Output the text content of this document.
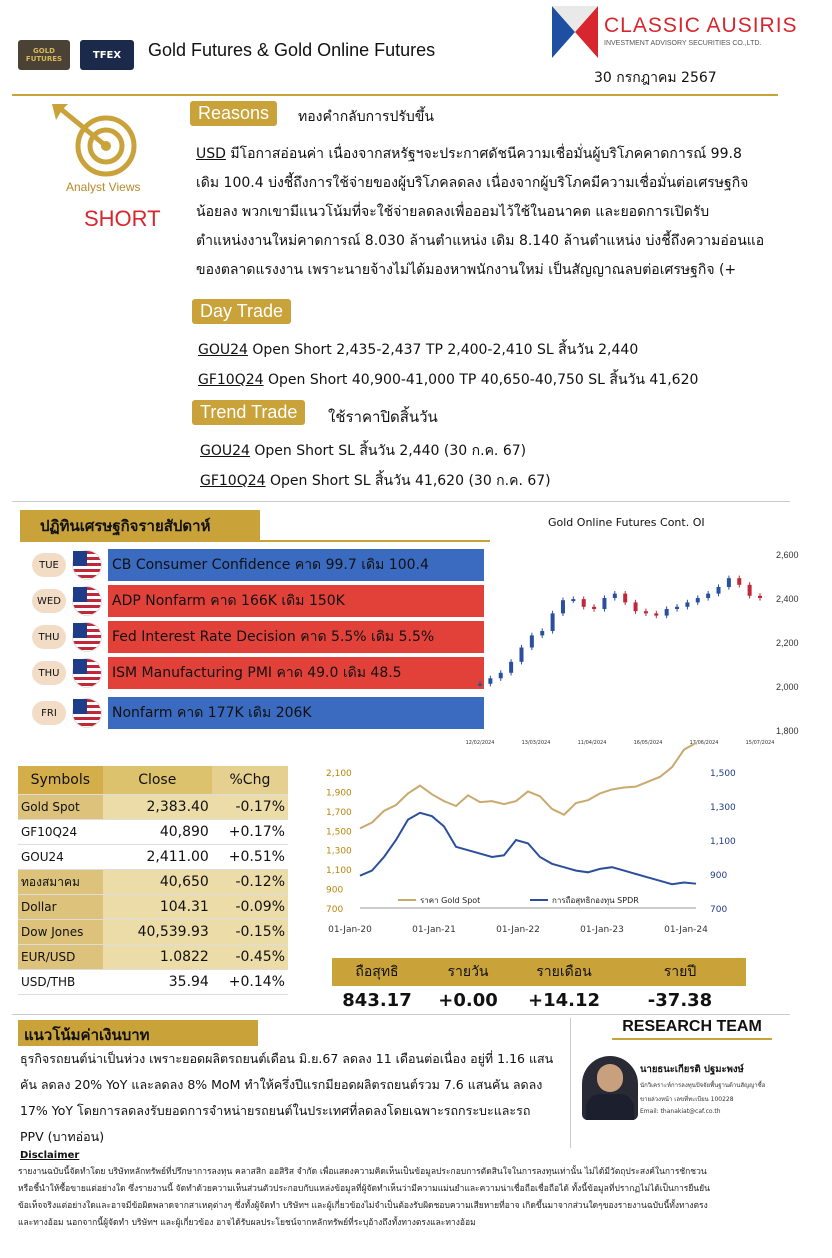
GOLD FUTURES	TFEX	Gold Futures & Gold Online Futures
CLASSIC AUSIRIS
INVESTMENT ADVISORY SECURITIES CO.,LTD.
30 กรกฎาคม 2567
Analyst Views
SHORT
Reasons	ทองคำกลับการปรับขึ้น
USD มีโอกาสอ่อนค่า เนื่องจากสหรัฐฯจะประกาศดัชนีความเชื่อมั่นผู้บริโภคคาดการณ์ 99.8
เดิม 100.4 บ่งชี้ถึงการใช้จ่ายของผู้บริโภคลดลง เนื่องจากผู้บริโภคมีความเชื่อมั่นต่อเศรษฐกิจ
น้อยลง พวกเขามีแนวโน้มที่จะใช้จ่ายลดลงเพื่อออมไว้ใช้ในอนาคต และยอดการเปิดรับ
ตำแหน่งงานใหม่คาดการณ์ 8.030 ล้านตำแหน่ง เดิม 8.140 ล้านตำแหน่ง บ่งชี้ถึงความอ่อนแอ
ของตลาดแรงงาน เพราะนายจ้างไม่ได้มองหาพนักงานใหม่ เป็นสัญญาณลบต่อเศรษฐกิจ (+
Day Trade
GOU24 Open Short 2,435-2,437 TP 2,400-2,410 SL สิ้นวัน 2,440
GF10Q24 Open Short 40,900-41,000 TP 40,650-40,750 SL สิ้นวัน 41,620
Trend Trade	ใช้ราคาปิดสิ้นวัน
GOU24 Open Short SL สิ้นวัน 2,440 (30 ก.ค. 67)
GF10Q24 Open Short SL สิ้นวัน 41,620 (30 ก.ค. 67)
ปฏิทินเศรษฐกิจรายสัปดาห์
TUE	CB Consumer Confidence คาด 99.7 เดิม 100.4
WED	ADP Nonfarm คาด 166K เดิม 150K
THU	Fed Interest Rate Decision คาด 5.5% เดิม 5.5%
THU	ISM Manufacturing PMI คาด 49.0 เดิม 48.5
FRI	Nonfarm คาด 177K เดิม 206K
Gold Online Futures Cont. OI
2,600
2,400
2,200
2,000
1,800
12/02/2024	13/03/2024	11/04/2024	16/05/2024	17/06/2024	15/07/2024
Symbols	Close	%Chg
Gold Spot	2,383.40	-0.17%
GF10Q24	40,890	+0.17%
GOU24	2,411.00	+0.51%
ทองสมาคม	40,650	-0.12%
Dollar	104.31	-0.09%
Dow Jones	40,539.93	-0.15%
EUR/USD	1.0822	-0.45%
USD/THB	35.94	+0.14%
2,100
1,900
1,700
1,500
1,300
1,100
900
700
1,500
1,300
1,100
900
700
ราคา Gold Spot	การถือสุทธิกองทุน SPDR
01-Jan-20	01-Jan-21	01-Jan-22	01-Jan-23	01-Jan-24
ถือสุทธิ	รายวัน	รายเดือน	รายปี
843.17	+0.00	+14.12	-37.38
แนวโน้มค่าเงินบาท
ธุรกิจรถยนต์น่าเป็นห่วง เพราะยอดผลิตรถยนต์เดือน มิ.ย.67 ลดลง 11 เดือนต่อเนื่อง อยู่ที่ 1.16 แสน
คัน ลดลง 20% YoY และลดลง 8% MoM ทำให้ครึ่งปีแรกมียอดผลิตรถยนต์รวม 7.6 แสนคัน ลดลง
17% YoY โดยการลดลงรับยอดการจำหน่ายรถยนต์ในประเทศที่ลดลงโดยเฉพาะรถกระบะและรถ
PPV (บาทอ่อน)
RESEARCH TEAM
นายธนะเกียรติ ปฐมะพงษ์
นักวิเคราะห์การลงทุนปัจจัยพื้นฐานด้านสัญญาซื้อ
ขายล่วงหน้า เลขที่ทะเบียน 100228
Email: thanakiat@caf.co.th
Disclaimer
รายงานฉบับนี้จัดทำโดย บริษัทหลักทรัพย์ที่ปรึกษาการลงทุน คลาสสิก ออสิริส จำกัด เพื่อแสดงความคิดเห็นเป็นข้อมูลประกอบการตัดสินใจในการลงทุนเท่านั้น ไม่ได้มีวัตถุประสงค์ในการชักชวน
หรือชี้นำให้ซื้อขายแต่อย่างใด ซึ่งรายงานนี้ จัดทำด้วยความเห็นส่วนตัวประกอบกับแหล่งข้อมูลที่ผู้จัดทำเห็นว่ามีความแม่นยำและความน่าเชื่อถือเชื่อถือได้ ทั้งนี้ข้อมูลที่ปรากฏไม่ได้เป็นการยืนยัน
ข้อเท็จจริงแต่อย่างใดและอาจมีข้อผิดพลาดจากสาเหตุต่างๆ ซึ่งทั้งผู้จัดทำ บริษัทฯ และผู้เกี่ยวข้องไม่จำเป็นต้องรับผิดชอบความเสียหายที่อาจ เกิดขึ้นมาจากส่วนใดๆของรายงานฉบับนี้ทั้งทางตรง
และทางอ้อม นอกจากนี้ผู้จัดทำ บริษัทฯ และผู้เกี่ยวข้อง อาจได้รับผลประโยชน์จากหลักทรัพย์ที่ระบุอ้างถึงทั้งทางตรงและทางอ้อม
